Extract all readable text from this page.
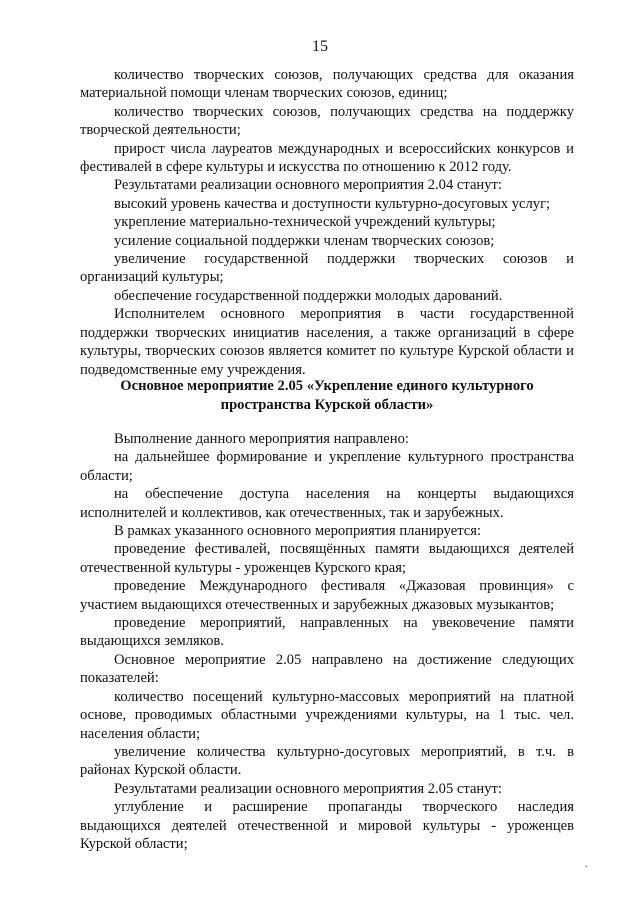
15

количество творческих союзов, получающих средства для оказания материальной помощи членам творческих союзов, единиц;

количество творческих союзов, получающих средства на поддержку творческой деятельности;

прирост числа лауреатов международных и всероссийских конкурсов и фестивалей в сфере культуры и искусства по отношению к 2012 году.

Результатами реализации основного мероприятия 2.04 станут:

высокий уровень качества и доступности культурно-досуговых услуг;

укрепление материально-технической учреждений культуры;

усиление социальной поддержки членам творческих союзов;

увеличение государственной поддержки творческих союзов и организаций культуры;

обеспечение государственной поддержки молодых дарований.

Исполнителем основного мероприятия в части государственной поддержки творческих инициатив населения, а также организаций в сфере культуры, творческих союзов является комитет по культуре Курской области и подведомственные ему учреждения.

Основное мероприятие 2.05 «Укрепление единого культурного
пространства Курской области»

Выполнение данного мероприятия направлено:

на дальнейшее формирование и укрепление культурного пространства области;

на обеспечение доступа населения на концерты выдающихся исполнителей и коллективов, как отечественных, так и зарубежных.

В рамках указанного основного мероприятия планируется:

проведение фестивалей, посвящённых памяти выдающихся деятелей отечественной культуры - уроженцев Курского края;

проведение Международного фестиваля «Джазовая провинция» с участием выдающихся отечественных и зарубежных джазовых музыкантов;

проведение мероприятий, направленных на увековечение памяти выдающихся земляков.

Основное мероприятие 2.05 направлено на достижение следующих показателей:

количество посещений культурно-массовых мероприятий на платной основе, проводимых областными учреждениями культуры, на 1 тыс. чел. населения области;

увеличение количества культурно-досуговых мероприятий, в т.ч. в районах Курской области.

Результатами реализации основного мероприятия 2.05 станут:

углубление и расширение пропаганды творческого наследия выдающихся деятелей отечественной и мировой культуры - уроженцев Курской области;

·
